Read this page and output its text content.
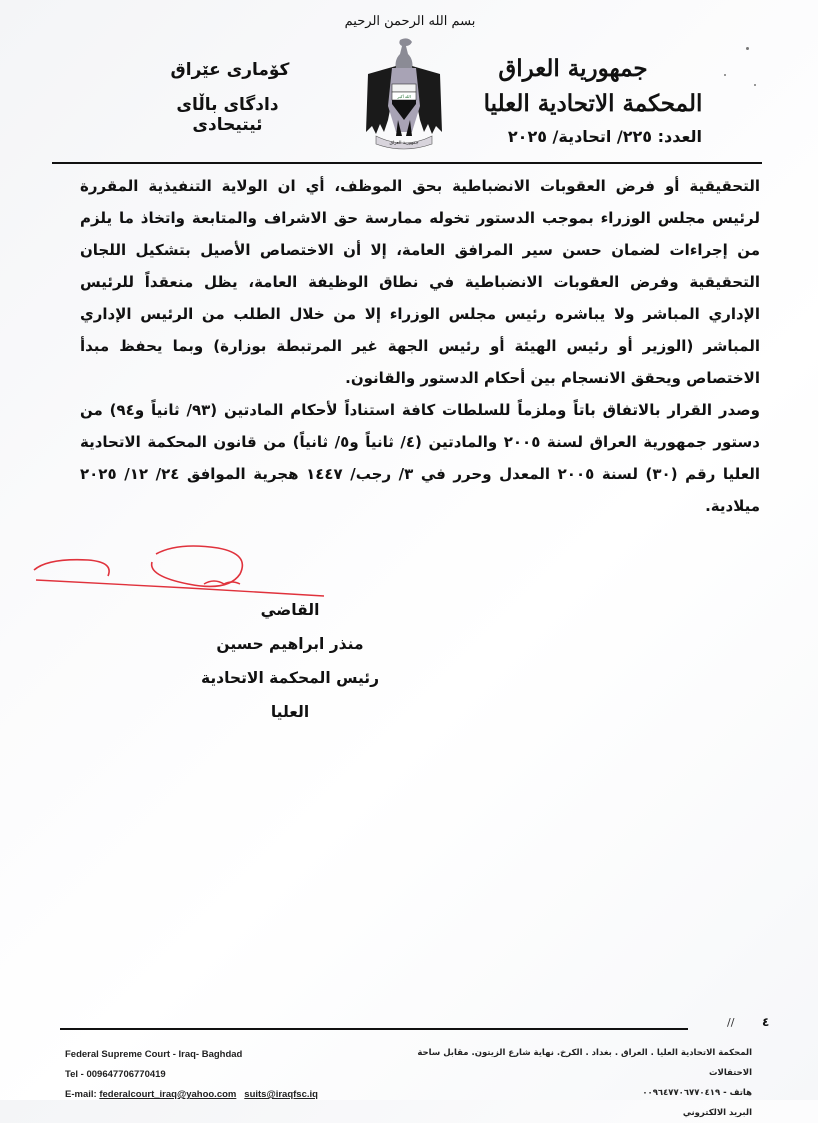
بسم الله الرحمن الرحيم
الله أكبر
جمهورية العراق
جمهورية العراق
المحكمة الاتحادية العليا
العدد: ٢٢٥/ اتحادية/ ٢٠٢٥
كۆماری عێراق
دادگای باڵای ئیتیحادی

التحقيقية أو فرض العقوبات الانضباطية بحق الموظف، أي ان الولاية التنفيذية المقررة لرئيس مجلس الوزراء بموجب الدستور تخوله ممارسة حق الاشراف والمتابعة واتخاذ ما يلزم من إجراءات لضمان حسن سير المرافق العامة، إلا أن الاختصاص الأصيل بتشكيل اللجان التحقيقية وفرض العقوبات الانضباطية في نطاق الوظيفة العامة، يظل منعقداً للرئيس الإداري المباشر ولا يباشره رئيس مجلس الوزراء إلا من خلال الطلب من الرئيس الإداري المباشر (الوزير أو رئيس الهيئة أو رئيس الجهة غير المرتبطة بوزارة) وبما يحفظ مبدأ الاختصاص ويحقق الانسجام بين أحكام الدستور والقانون.

وصدر القرار بالاتفاق باتاً وملزماً للسلطات كافة استناداً لأحكام المادتين (٩٣/ ثانياً و٩٤) من دستور جمهورية العراق لسنة ٢٠٠٥ والمادتين (٤/ ثانياً و٥/ ثانياً) من قانون المحكمة الاتحادية العليا رقم (٣٠) لسنة ٢٠٠٥ المعدل وحرر في ٣/ رجب/ ١٤٤٧ هجرية الموافق ٢٤/ ١٢/ ٢٠٢٥ ميلادية.

القاضي
منذر ابراهيم حسين
رئيس المحكمة الاتحادية العليا
// ٤
Federal Supreme Court - Iraq- Baghdad
Tel - 009647706770419
E-mail: federalcourt_iraq@yahoo.com suits@iraqfsc.iq
المحكمة الاتحادية العليا . العراق . بغداد . الكرخ. نهاية شارع الزيتون. مقابل ساحة الاحتفالات
هاتف - ٠٠٩٦٤٧٧٠٦٧٧٠٤١٩
البريد الالكتروني
